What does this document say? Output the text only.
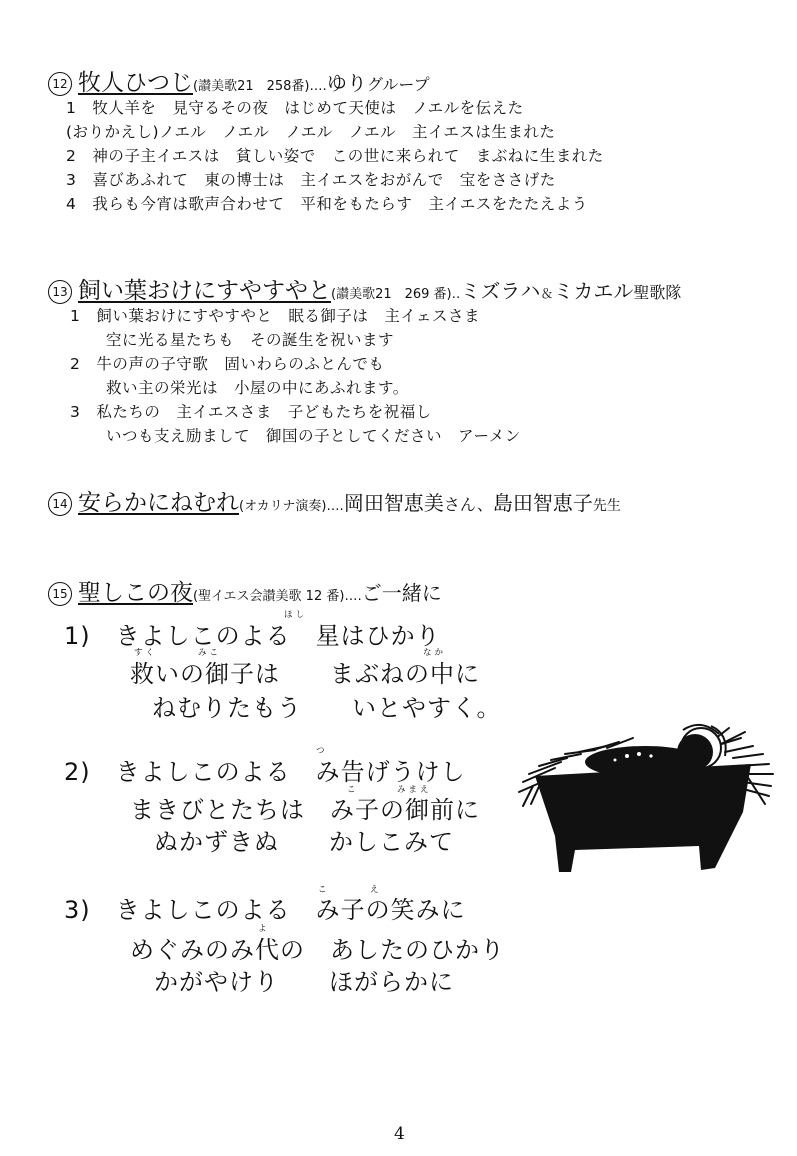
12 牧人ひつじ(讃美歌21　258番)‥‥ゆりグループ
1　牧人羊を　見守るその夜　はじめて天使は　ノエルを伝えた
(おりかえし)ノエル　ノエル　ノエル　ノエル　主イエスは生まれた
2　神の子主イエスは　貧しい姿で　この世に来られて　まぶねに生まれた
3　喜びあふれて　東の博士は　主イエスをおがんで　宝をささげた
4　我らも今宵は歌声合わせて　平和をもたらす　主イエスをたたえよう
13 飼い葉おけにすやすやと(讃美歌21　269 番)‥ミズラハ＆ミカエル聖歌隊
1　飼い葉おけにすやすやと　眠る御子は　主イェスさま
空に光る星たちも　その誕生を祝います
2　牛の声の子守歌　固いわらのふとんでも
救い主の栄光は　小屋の中にあふれます。
3　私たちの　主イエスさま　子どもたちを祝福し
いつも支え励まして　御国の子としてください　アーメン
14 安らかにねむれ(オカリナ演奏)‥‥岡田智恵美さん、島田智恵子先生
15 聖しこの夜(聖イエス会讃美歌 12 番)‥‥ご一緒に
ほし
1)　きよしこのよる　星はひかり
すく	みこ	なか
救いの御子は　　まぶねの中に
ねむりたもう　　いとやすく。
つ
2)　きよしこのよる　み告げうけし
こ	みまえ
まきびとたちは　み子の御前に
ぬかずきぬ　　かしこみて
こ	え
3)　きよしこのよる　み子の笑みに
よ
めぐみのみ代の　あしたのひかり
かがやけり　　ほがらかに
4
